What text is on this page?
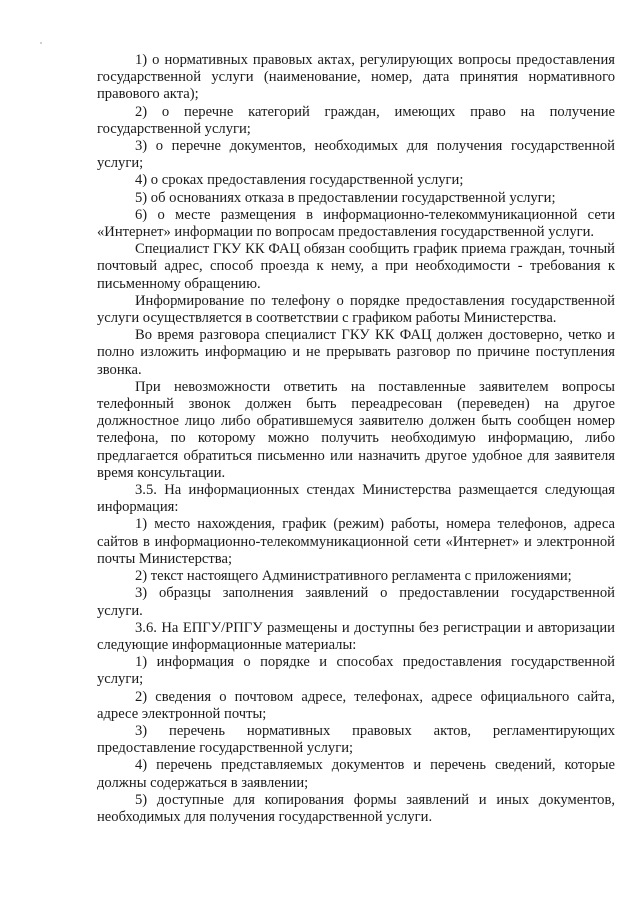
1) о нормативных правовых актах, регулирующих вопросы предоставления государственной услуги (наименование, номер, дата принятия нормативного правового акта);

2) о перечне категорий граждан, имеющих право на получение государственной услуги;

3) о перечне документов, необходимых для получения государственной услуги;

4) о сроках предоставления государственной услуги;

5) об основаниях отказа в предоставлении государственной услуги;

6) о месте размещения в информационно-телекоммуникационной сети «Интернет» информации по вопросам предоставления государственной услуги.

Специалист ГКУ КК ФАЦ обязан сообщить график приема граждан, точный почтовый адрес, способ проезда к нему, а при необходимости - требования к письменному обращению.

Информирование по телефону о порядке предоставления государственной услуги осуществляется в соответствии с графиком работы Министерства.

Во время разговора специалист ГКУ КК ФАЦ должен достоверно, четко и полно изложить информацию и не прерывать разговор по причине поступления звонка.

При невозможности ответить на поставленные заявителем вопросы телефонный звонок должен быть переадресован (переведен) на другое должностное лицо либо обратившемуся заявителю должен быть сообщен номер телефона, по которому можно получить необходимую информацию, либо предлагается обратиться письменно или назначить другое удобное для заявителя время консультации.

3.5. На информационных стендах Министерства размещается следующая информация:

1) место нахождения, график (режим) работы, номера телефонов, адреса сайтов в информационно-телекоммуникационной сети «Интернет» и электронной почты Министерства;

2) текст настоящего Административного регламента с приложениями;

3) образцы заполнения заявлений о предоставлении государственной услуги.

3.6. На ЕПГУ/РПГУ размещены и доступны без регистрации и авторизации следующие информационные материалы:

1) информация о порядке и способах предоставления государственной услуги;

2) сведения о почтовом адресе, телефонах, адресе официального сайта, адресе электронной почты;

3) перечень нормативных правовых актов, регламентирующих предоставление государственной услуги;

4) перечень представляемых документов и перечень сведений, которые должны содержаться в заявлении;

5) доступные для копирования формы заявлений и иных документов, необходимых для получения государственной услуги.
